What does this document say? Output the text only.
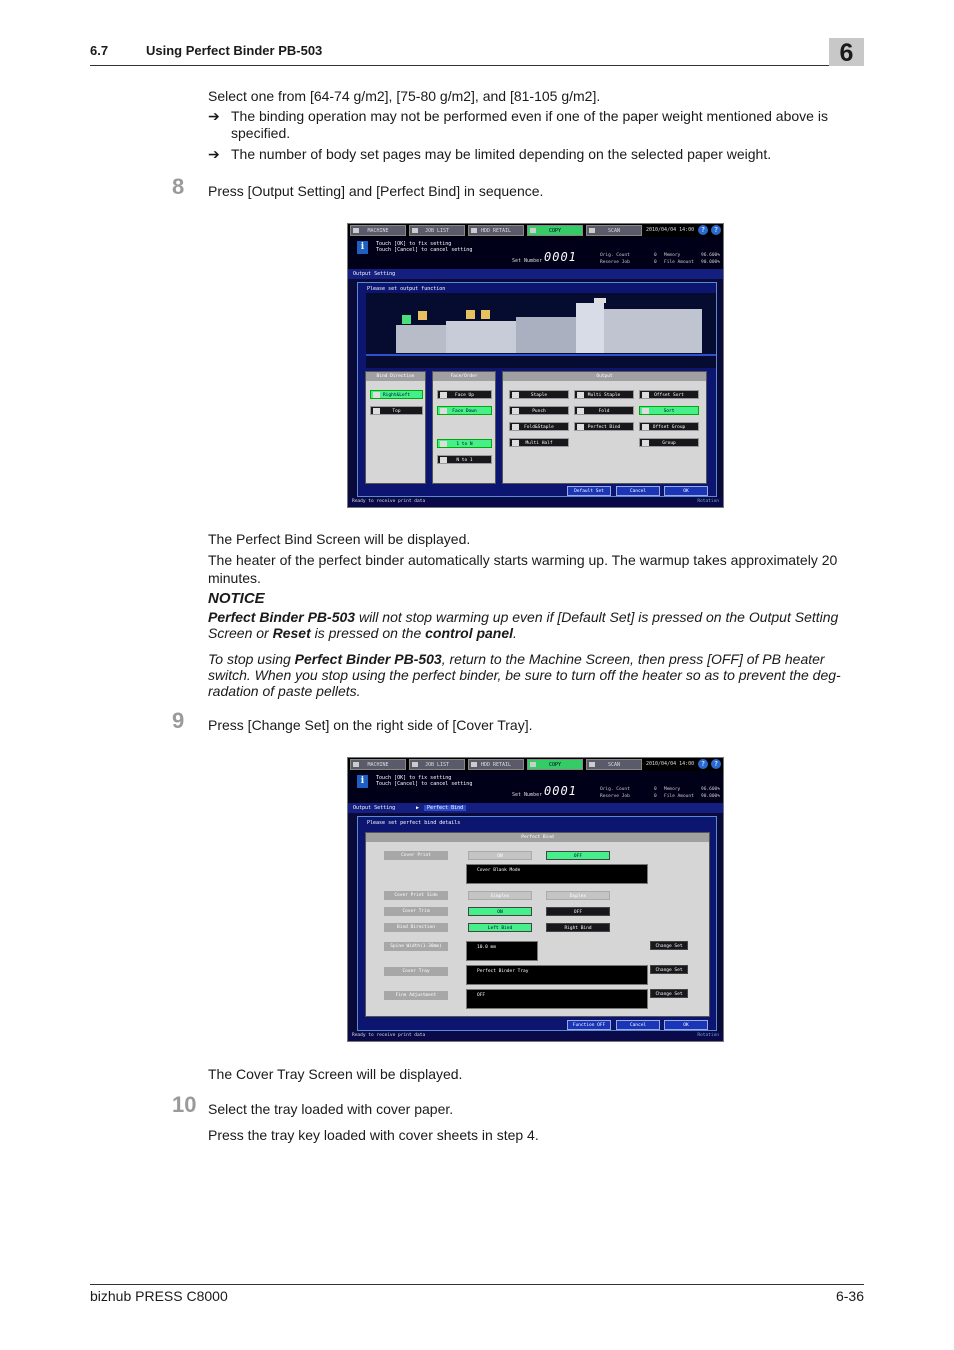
6.7	Using Perfect Binder PB-503	6
Select one from [64-74 g/m2], [75-80 g/m2], and [81-105 g/m2].
➔ The binding operation may not be performed even if one of the paper weight mentioned above is specified.
➔ The number of body set pages may be limited depending on the selected paper weight.
8 Press [Output Setting] and [Perfect Bind] in sequence.
MACHINE	JOB LIST	HDD RETAIL	COPY	SCAN	2010/04/04 14:00 ?	?
i	Touch [OK] to fix setting
Touch [Cancel] to cancel setting
Set Number 0001	Orig. Count	0 Memory	96.600%
Reserve Job	0 File Amount 90.000%
Output Setting
Please set output function
Bind Direction
Right&Left
Top
Face/Order
Face Up
Face Down
1 to N
N to 1
Output
Staple	Multi Staple	Offset Sort
Punch	Fold	Sort
Fold&Staple	Perfect Bind	Offset Group
Multi Half	Group
Default Set	Cancel	OK
Ready to receive print data	Rotation
The Perfect Bind Screen will be displayed.
The heater of the perfect binder automatically starts warming up. The warmup takes approximately 20 minutes.
NOTICE
Perfect Binder PB-503 will not stop warming up even if [Default Set] is pressed on the Output Setting Screen or Reset is pressed on the control panel.
To stop using Perfect Binder PB-503, return to the Machine Screen, then press [OFF] of PB heater switch. When you stop using the perfect binder, be sure to turn off the heater so as to prevent the deg-radation of paste pellets.
9 Press [Change Set] on the right side of [Cover Tray].
MACHINE	JOB LIST	HDD RETAIL	COPY	SCAN	2010/04/04 14:00 ?	?
i	Touch [OK] to fix setting
Touch [Cancel] to cancel setting
Set Number 0001	Orig. Count	0 Memory	96.600%
Reserve Job	0 File Amount 90.000%
Output Setting	▶	Perfect Bind
Please set perfect bind details
Perfect Bind
Cover Print	ON	OFF
Cover Blank Mode
Cover Print Side	Simplex	Duplex
Cover Trim	ON	OFF
Bind Direction	Left Bind	Right Bind
Spine Width(1-30mm)	10.0 mm	Change Set
Cover Tray	Perfect Binder Tray	Change Set
Fine Adjustment	OFF	Change Set
Function OFF	Cancel	OK
Ready to receive print data	Rotation
The Cover Tray Screen will be displayed.
10 Select the tray loaded with cover paper.
Press the tray key loaded with cover sheets in step 4.
bizhub PRESS C8000	6-36
